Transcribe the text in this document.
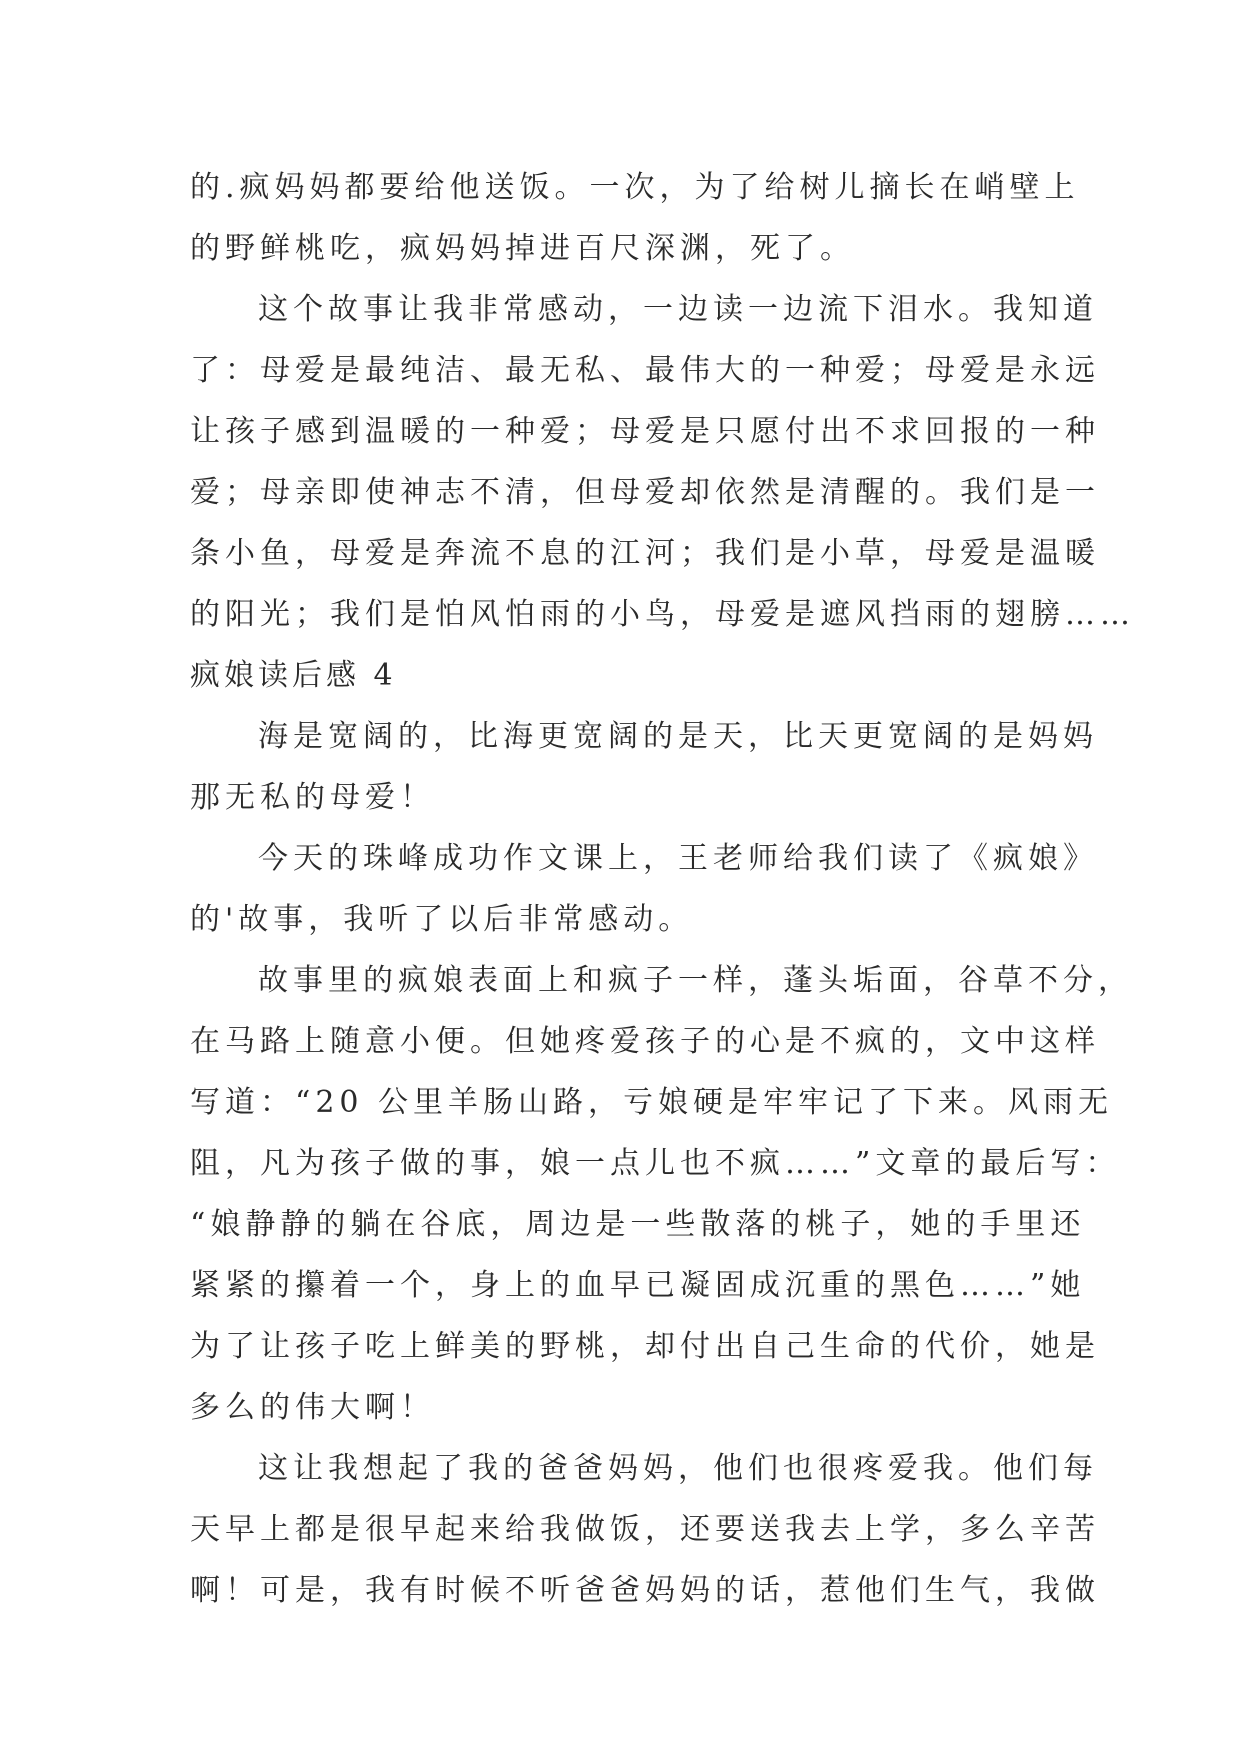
的.疯妈妈都要给他送饭。一次，为了给树儿摘长在峭壁上
的野鲜桃吃，疯妈妈掉进百尺深渊，死了。
这个故事让我非常感动，一边读一边流下泪水。我知道
了：母爱是最纯洁、最无私、最伟大的一种爱；母爱是永远
让孩子感到温暖的一种爱；母爱是只愿付出不求回报的一种
爱；母亲即使神志不清，但母爱却依然是清醒的。我们是一
条小鱼，母爱是奔流不息的江河；我们是小草，母爱是温暖
的阳光；我们是怕风怕雨的小鸟，母爱是遮风挡雨的翅膀……
疯娘读后感 4
海是宽阔的，比海更宽阔的是天，比天更宽阔的是妈妈
那无私的母爱！
今天的珠峰成功作文课上，王老师给我们读了《疯娘》
的'故事，我听了以后非常感动。
故事里的疯娘表面上和疯子一样，蓬头垢面，谷草不分，
在马路上随意小便。但她疼爱孩子的心是不疯的，文中这样
写道：“20 公里羊肠山路，亏娘硬是牢牢记了下来。风雨无
阻，凡为孩子做的事，娘一点儿也不疯……”文章的最后写：
“娘静静的躺在谷底，周边是一些散落的桃子，她的手里还
紧紧的攥着一个，身上的血早已凝固成沉重的黑色……”她
为了让孩子吃上鲜美的野桃，却付出自己生命的代价，她是
多么的伟大啊！
这让我想起了我的爸爸妈妈，他们也很疼爱我。他们每
天早上都是很早起来给我做饭，还要送我去上学，多么辛苦
啊！可是，我有时候不听爸爸妈妈的话，惹他们生气，我做
